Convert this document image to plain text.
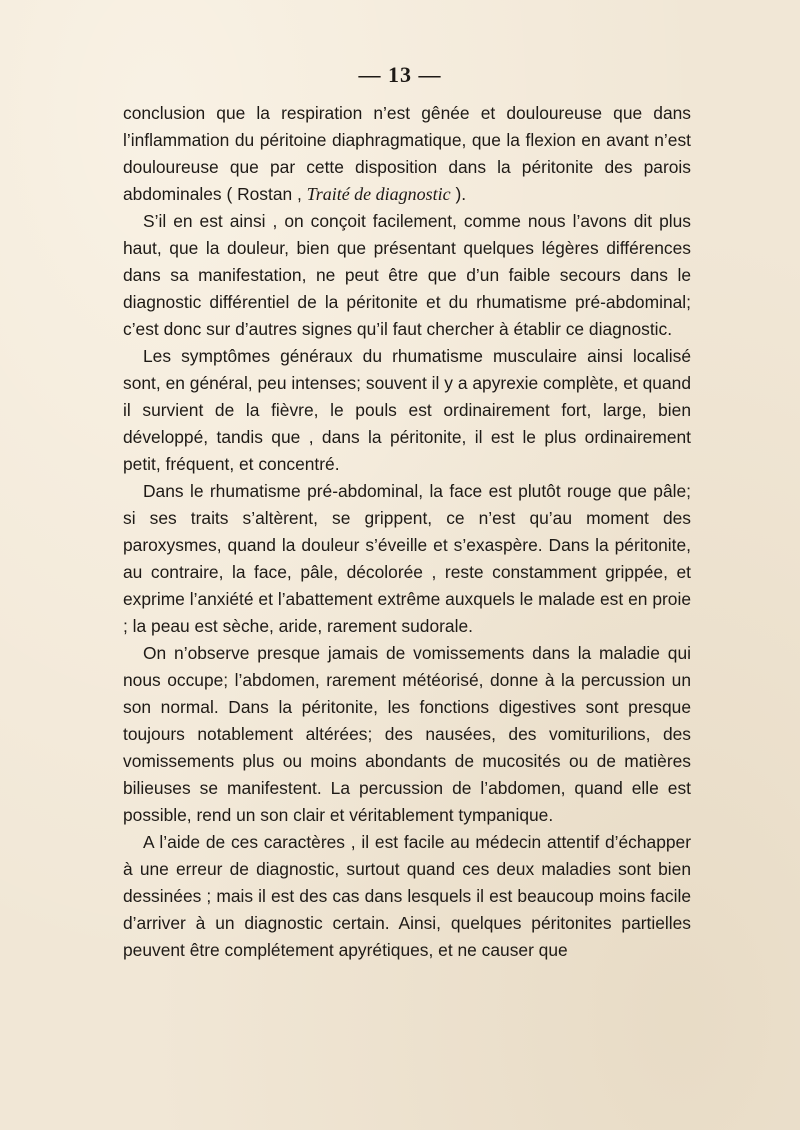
— 13 —

conclusion que la respiration n’est gênée et douloureuse que dans l’inflammation du péritoine diaphragmatique, que la flexion en avant n’est douloureuse que par cette disposition dans la péritonite des parois abdominales ( Rostan , Traité de diagnostic ).

S’il en est ainsi , on conçoit facilement, comme nous l’avons dit plus haut, que la douleur, bien que présentant quelques légères différences dans sa manifestation, ne peut être que d’un faible secours dans le diagnostic différentiel de la péritonite et du rhumatisme pré-abdominal; c’est donc sur d’autres signes qu’il faut chercher à établir ce diagnostic.

Les symptômes généraux du rhumatisme musculaire ainsi localisé sont, en général, peu intenses; souvent il y a apyrexie complète, et quand il survient de la fièvre, le pouls est ordinairement fort, large, bien développé, tandis que , dans la péritonite, il est le plus ordinairement petit, fréquent, et concentré.

Dans le rhumatisme pré-abdominal, la face est plutôt rouge que pâle; si ses traits s’altèrent, se grippent, ce n’est qu’au moment des paroxysmes, quand la douleur s’éveille et s’exaspère. Dans la péritonite, au contraire, la face, pâle, décolorée , reste constamment grippée, et exprime l’anxiété et l’abattement extrême auxquels le malade est en proie ; la peau est sèche, aride, rarement sudorale.

On n’observe presque jamais de vomissements dans la maladie qui nous occupe; l’abdomen, rarement météorisé, donne à la percussion un son normal. Dans la péritonite, les fonctions digestives sont presque toujours notablement altérées; des nausées, des vomiturilions, des vomissements plus ou moins abondants de mucosités ou de matières bilieuses se manifestent. La percussion de l’abdomen, quand elle est possible, rend un son clair et véritablement tympanique.

A l’aide de ces caractères , il est facile au médecin attentif d’échapper à une erreur de diagnostic, surtout quand ces deux maladies sont bien dessinées ; mais il est des cas dans lesquels il est beaucoup moins facile d’arriver à un diagnostic certain. Ainsi, quelques péritonites partielles peuvent être complétement apyrétiques, et ne causer que
